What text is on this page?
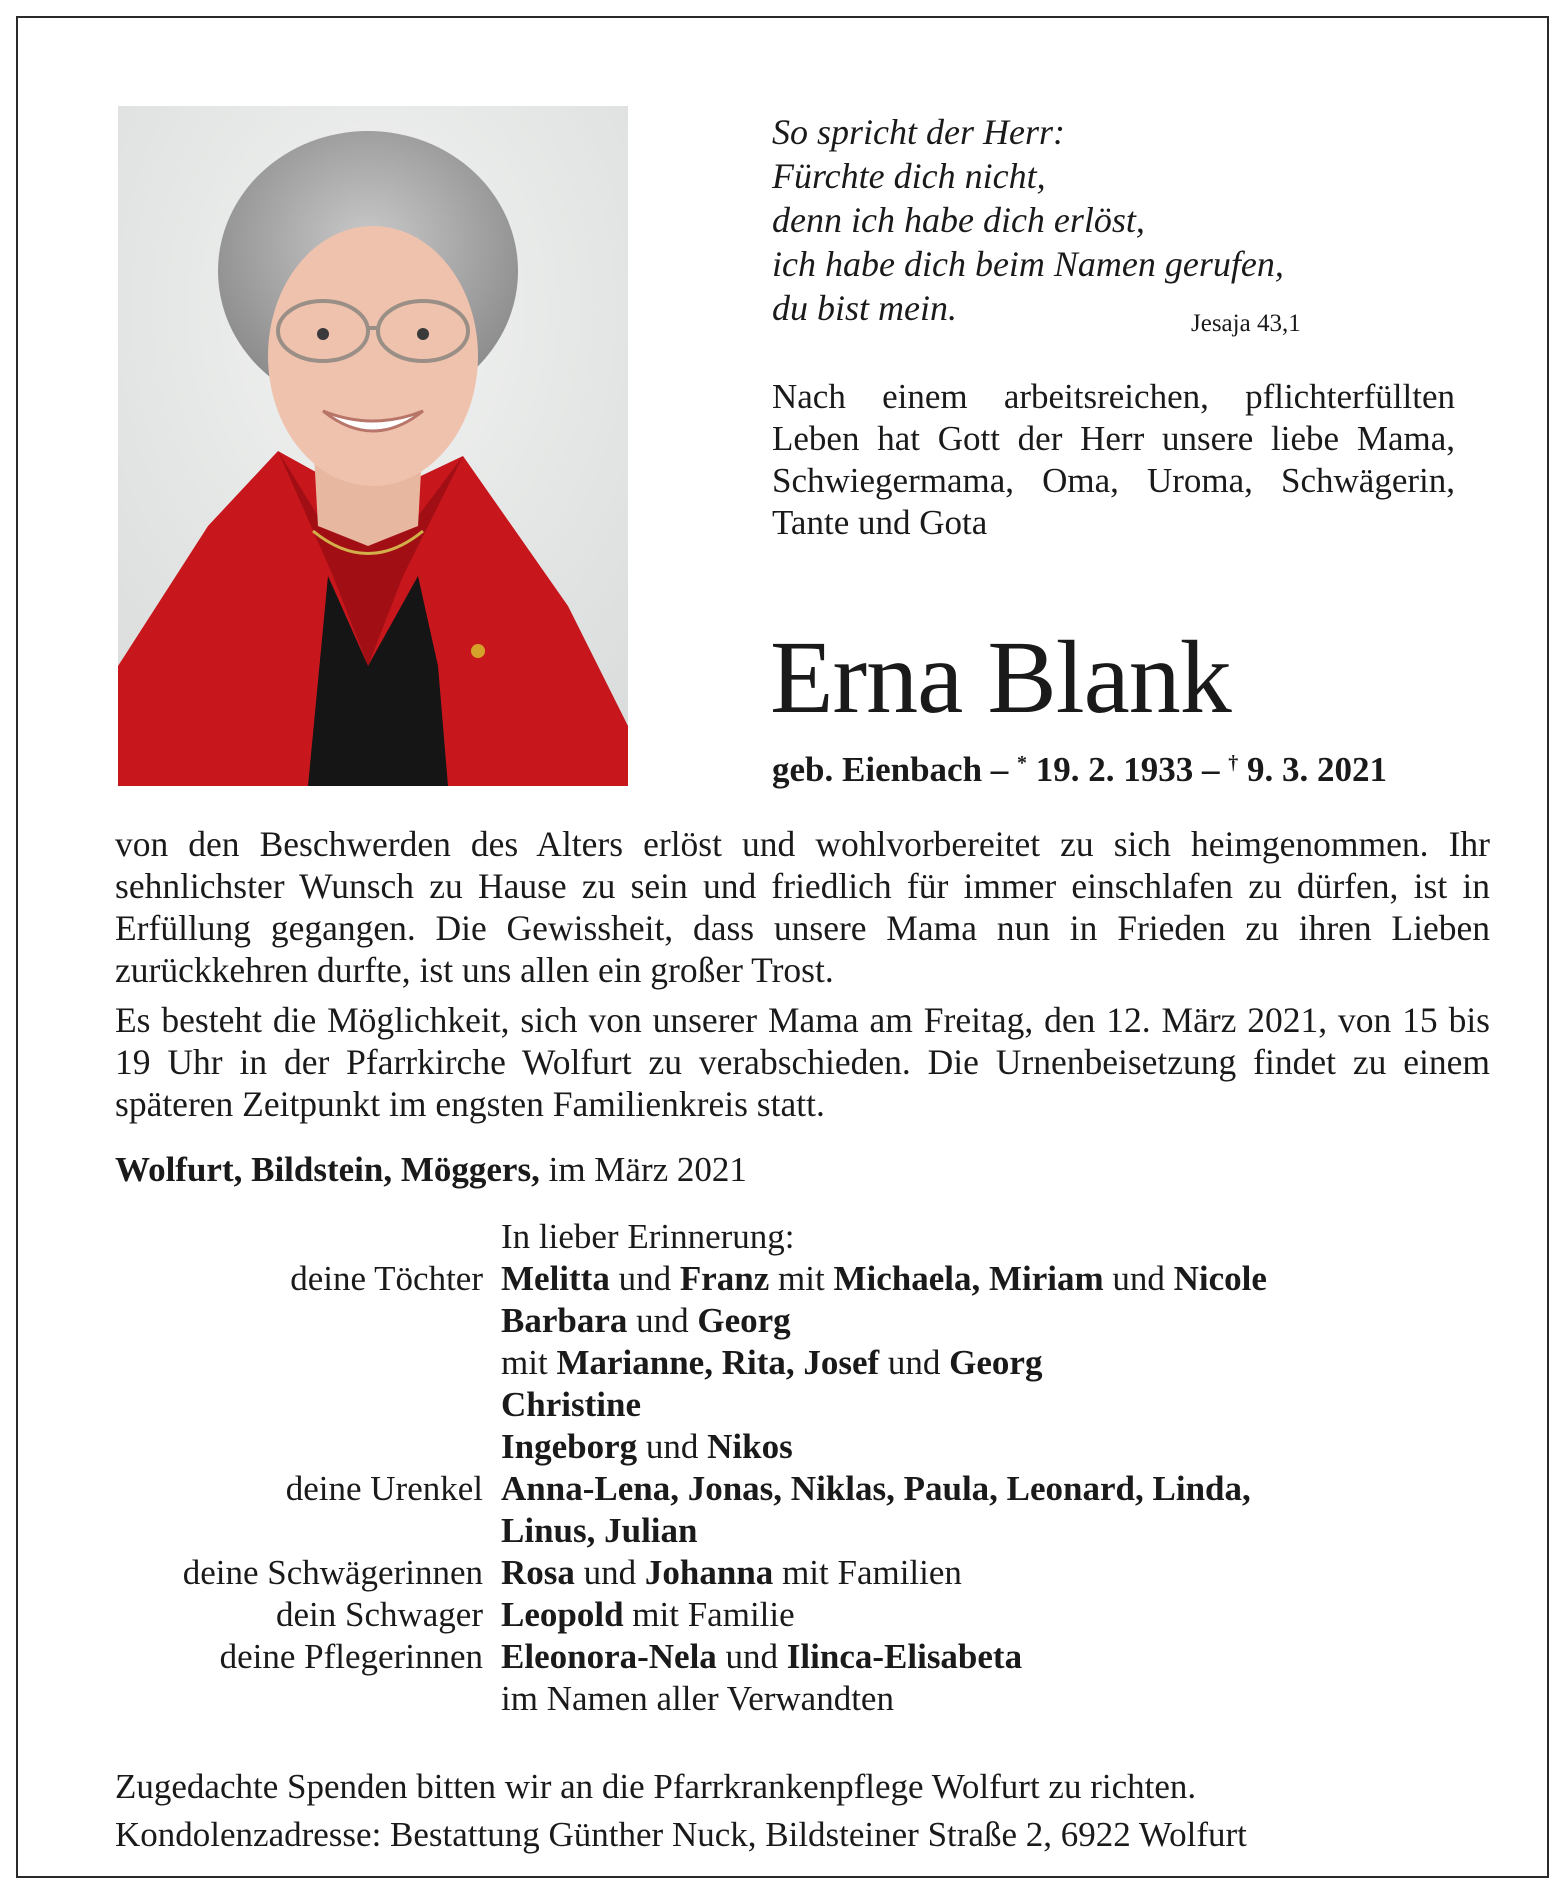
So spricht der Herr:
Fürchte dich nicht,
denn ich habe dich erlöst,
ich habe dich beim Namen gerufen,
du bist mein.	Jesaja 43,1
Nach einem arbeitsreichen, pflichterfüllten Leben hat Gott der Herr unsere liebe Mama, Schwiegermama, Oma, Uroma, Schwägerin, Tante und Gota
Erna Blank
geb. Eienbach – * 19. 2. 1933 – † 9. 3. 2021

von den Beschwerden des Alters erlöst und wohlvorbereitet zu sich heimgenommen. Ihr sehnlichster Wunsch zu Hause zu sein und friedlich für immer einschlafen zu dürfen, ist in Erfüllung gegangen. Die Gewissheit, dass unsere Mama nun in Frieden zu ihren Lieben zurückkehren durfte, ist uns allen ein großer Trost.

Es besteht die Möglichkeit, sich von unserer Mama am Freitag, den 12. März 2021, von 15 bis 19 Uhr in der Pfarrkirche Wolfurt zu verabschieden. Die Urnenbeisetzung findet zu einem späteren Zeitpunkt im engsten Familienkreis statt.

Wolfurt, Bildstein, Möggers, im März 2021
In lieber Erinnerung:
deine Töchter Melitta und Franz mit Michaela, Miriam und Nicole
Barbara und Georg
mit Marianne, Rita, Josef und Georg
Christine
Ingeborg und Nikos
deine Urenkel Anna-Lena, Jonas, Niklas, Paula, Leonard, Linda,
Linus, Julian
deine Schwägerinnen Rosa und Johanna mit Familien
dein Schwager Leopold mit Familie
deine Pflegerinnen Eleonora-Nela und Ilinca-Elisabeta
im Namen aller Verwandten
Zugedachte Spenden bitten wir an die Pfarrkrankenpflege Wolfurt zu richten.
Kondolenzadresse: Bestattung Günther Nuck, Bildsteiner Straße 2, 6922 Wolfurt
